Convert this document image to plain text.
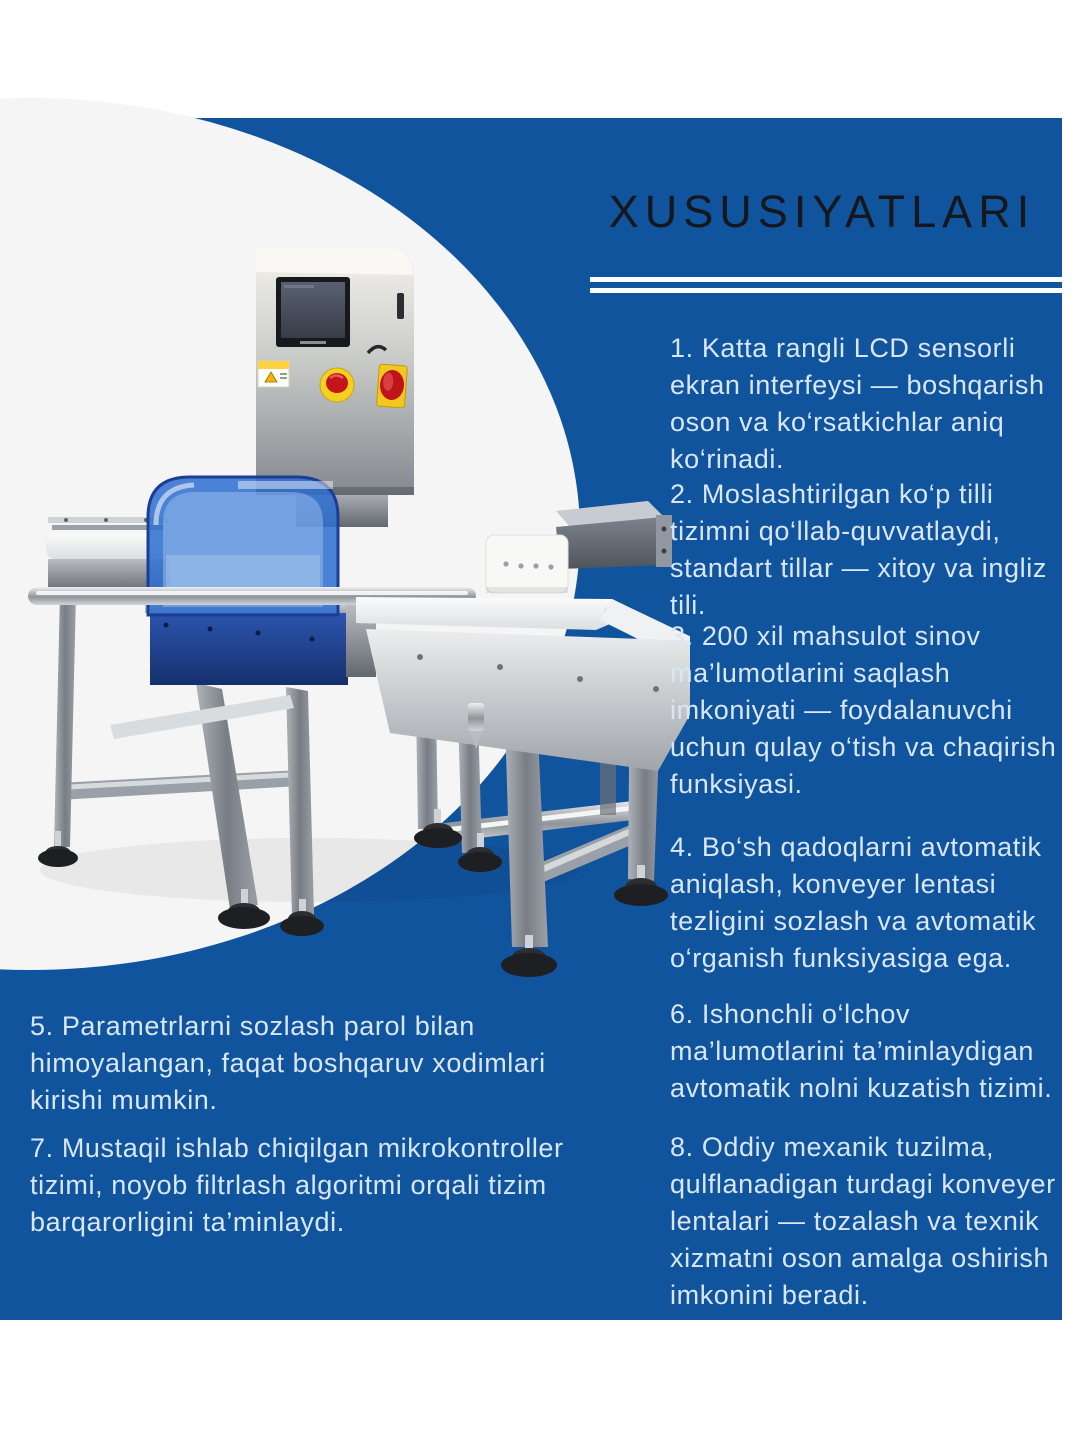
XUSUSIYATLARI

1. Katta rangli LCD sensorli ekran interfeysi — boshqarish oson va ko‘rsatkichlar aniq ko‘rinadi.

2. Moslashtirilgan ko‘p tilli tizimni qo‘llab-quvvatlaydi, standart tillar — xitoy va ingliz tili.

3. 200 xil mahsulot sinov ma’lumotlarini saqlash imkoniyati — foydalanuvchi uchun qulay o‘tish va chaqirish funksiyasi.

4. Bo‘sh qadoqlarni avtomatik aniqlash, konveyer lentasi tezligini sozlash va avtomatik o‘rganish funksiyasiga ega.

6. Ishonchli o‘lchov ma’lumotlarini ta’minlaydigan avtomatik nolni kuzatish tizimi.

8. Oddiy mexanik tuzilma, qulflanadigan turdagi konveyer lentalari — tozalash va texnik xizmatni oson amalga oshirish imkonini beradi.

5. Parametrlarni sozlash parol bilan himoyalangan, faqat boshqaruv xodimlari kirishi mumkin.

7. Mustaqil ishlab chiqilgan mikrokontroller tizimi, noyob filtrlash algoritmi orqali tizim barqarorligini ta’minlaydi.
